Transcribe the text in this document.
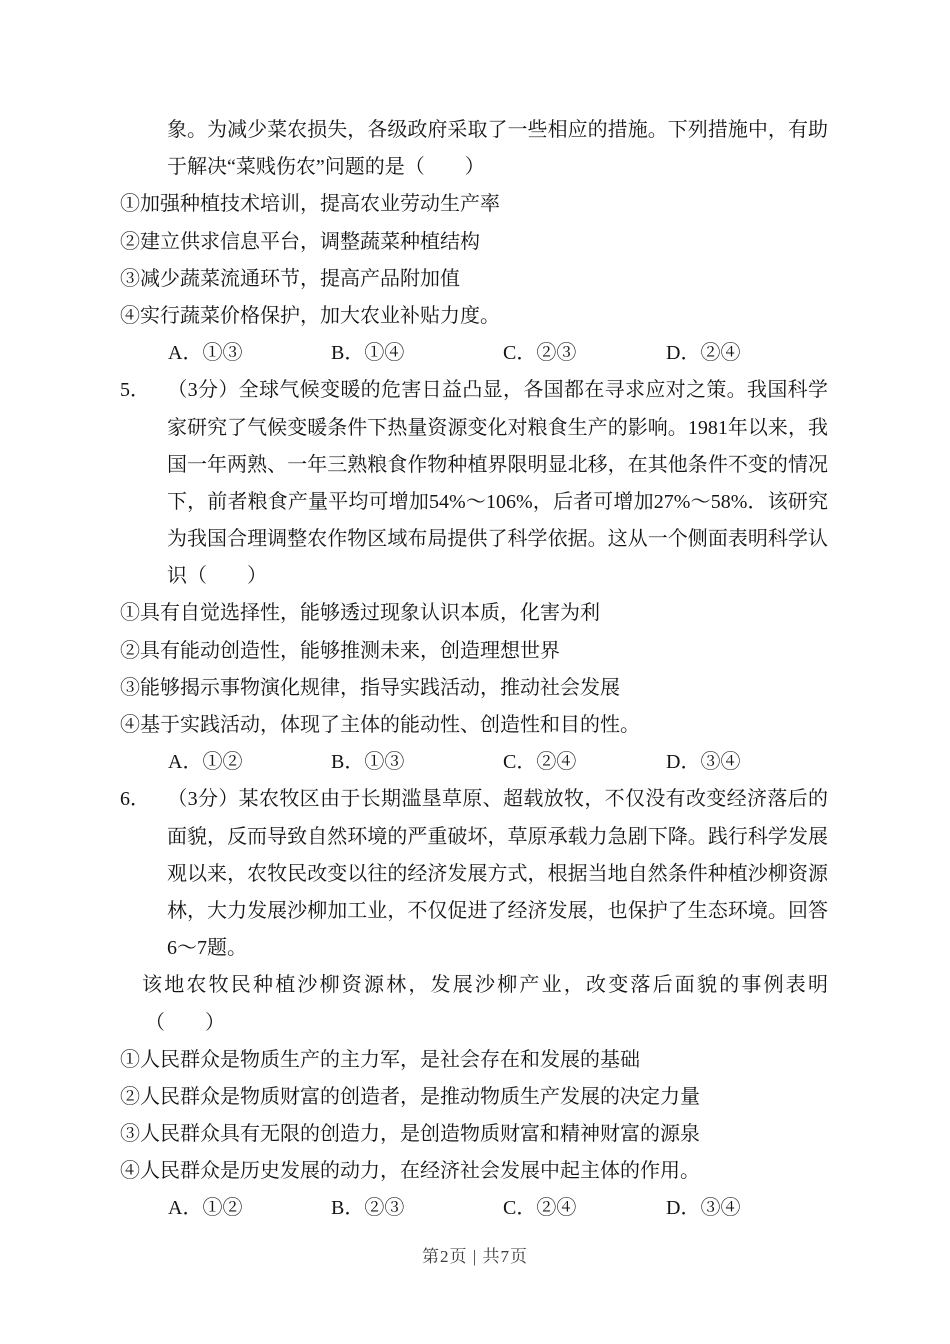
象。为减少菜农损失，各级政府采取了一些相应的措施。下列措施中，有助
于解决“菜贱伤农”问题的是（　　）
①加强种植技术培训，提高农业劳动生产率
②建立供求信息平台，调整蔬菜种植结构
③减少蔬菜流通环节，提高产品附加值
④实行蔬菜价格保护，加大农业补贴力度。
A．①③	B．①④	C．②③	D．②④
5． （3分）全球气候变暖的危害日益凸显，各国都在寻求应对之策。我国科学
家研究了气候变暖条件下热量资源变化对粮食生产的影响。1981年以来，我
国一年两熟、一年三熟粮食作物种植界限明显北移，在其他条件不变的情况
下，前者粮食产量平均可增加54%～106%，后者可增加27%～58%．该研究
为我国合理调整农作物区域布局提供了科学依据。这从一个侧面表明科学认
识（　　）
①具有自觉选择性，能够透过现象认识本质，化害为利
②具有能动创造性，能够推测未来，创造理想世界
③能够揭示事物演化规律，指导实践活动，推动社会发展
④基于实践活动，体现了主体的能动性、创造性和目的性。
A．①②	B．①③	C．②④	D．③④
6． （3分）某农牧区由于长期滥垦草原、超载放牧，不仅没有改变经济落后的
面貌，反而导致自然环境的严重破坏，草原承载力急剧下降。践行科学发展
观以来，农牧民改变以往的经济发展方式，根据当地自然条件种植沙柳资源
林，大力发展沙柳加工业，不仅促进了经济发展，也保护了生态环境。回答
6～7题。
该地农牧民种植沙柳资源林，发展沙柳产业，改变落后面貌的事例表明
（　　）
①人民群众是物质生产的主力军，是社会存在和发展的基础
②人民群众是物质财富的创造者，是推动物质生产发展的决定力量
③人民群众具有无限的创造力，是创造物质财富和精神财富的源泉
④人民群众是历史发展的动力，在经济社会发展中起主体的作用。
A．①②	B．②③	C．②④	D．③④
第2页 | 共7页
